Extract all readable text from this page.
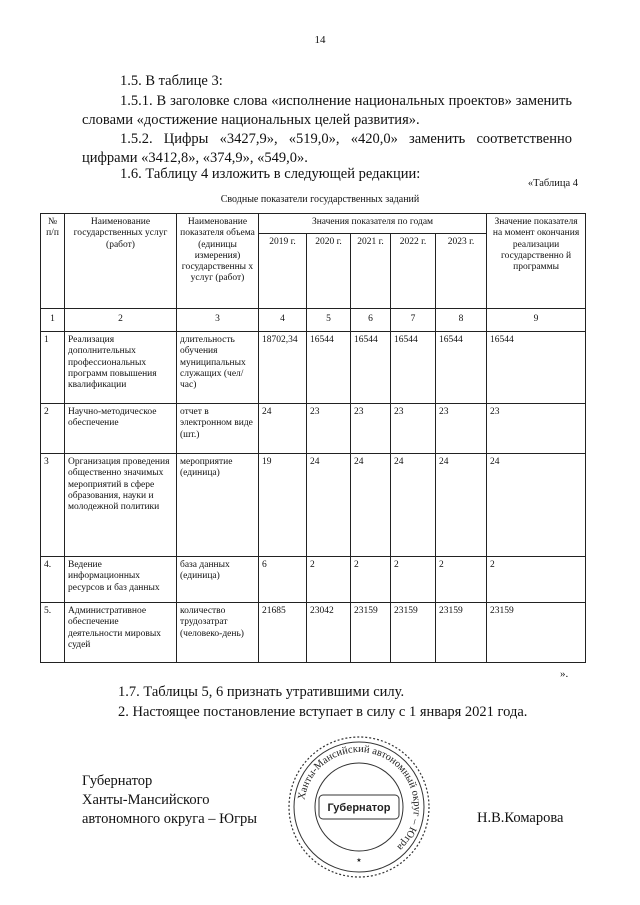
14
1.5. В таблице 3:
1.5.1. В заголовке слова «исполнение национальных проектов» заменить словами «достижение национальных целей развития».
1.5.2. Цифры «3427,9», «519,0», «420,0» заменить соответственно цифрами «3412,8», «374,9», «549,0».
1.6. Таблицу 4 изложить в следующей редакции:
«Таблица 4
Сводные показатели государственных заданий
№ п/п	Наименование государственных услуг (работ)	Наименование показателя объема (единицы измерения) государственны х услуг (работ)	Значения показателя по годам					Значение показателя на момент окончания реализации государственно й программы
			2019 г.	2020 г.	2021 г.	2022 г.	2023 г.	
1	2	3	4	5	6	7	8	9
1	Реализация дополнительных профессиональных программ повышения квалификации	длительность обучения муниципальных служащих (чел/час)	18702,34	16544	16544	16544	16544	16544
2	Научно-методическое обеспечение	отчет в электронном виде (шт.)	24	23	23	23	23	23
3	Организация проведения общественно значимых мероприятий в сфере образования, науки и молодежной политики	мероприятие (единица)	19	24	24	24	24	24
4.	Ведение информационных ресурсов и баз данных	база данных (единица)	6	2	2	2	2	2
5.	Административное обеспечение деятельности мировых судей	количество трудозатрат (человеко-день)	21685	23042	23159	23159	23159	23159
».
1.7. Таблицы 5, 6 признать утратившими силу.
2. Настоящее постановление вступает в силу с 1 января 2021 года.
Губернатор
Ханты-Мансийского
автономного округа – Югры
Ханты-Мансийский автономный округ – Югра
Губернатор
★
Н.В.Комарова
